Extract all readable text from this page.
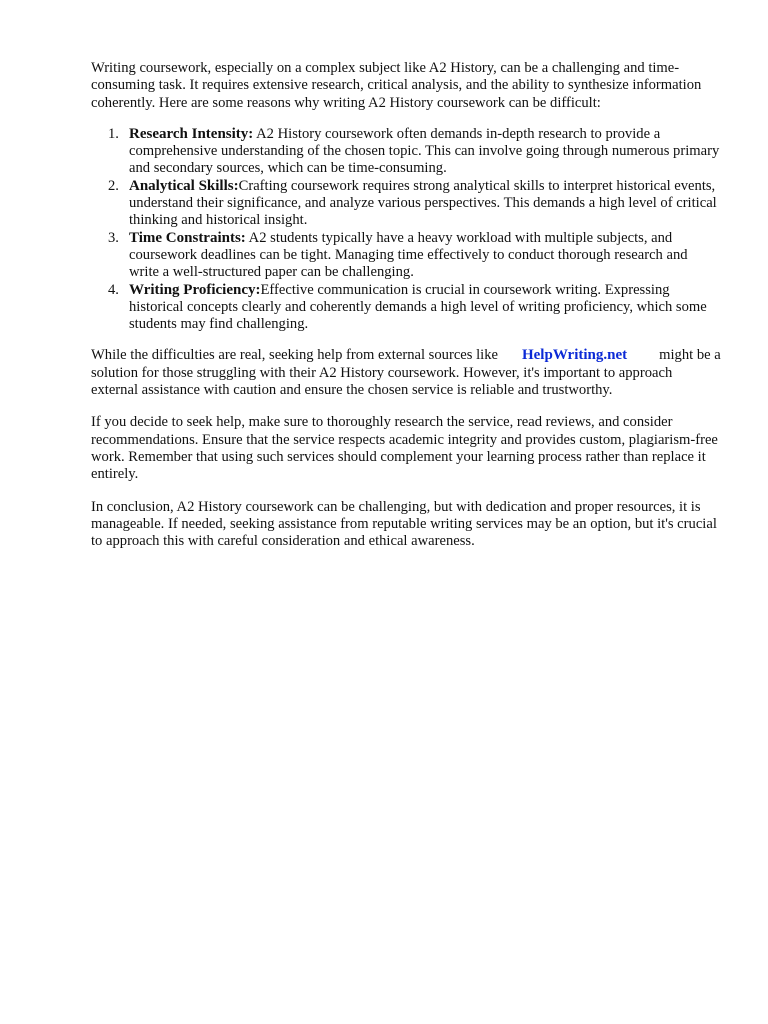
Writing coursework, especially on a complex subject like A2 History, can be a challenging and time-consuming task. It requires extensive research, critical analysis, and the ability to synthesize information coherently. Here are some reasons why writing A2 History coursework can be difficult:

1. Research Intensity: A2 History coursework often demands in-depth research to provide a comprehensive understanding of the chosen topic. This can involve going through numerous primary and secondary sources, which can be time-consuming.
2. Analytical Skills:Crafting coursework requires strong analytical skills to interpret historical events, understand their significance, and analyze various perspectives. This demands a high level of critical thinking and historical insight.
3. Time Constraints: A2 students typically have a heavy workload with multiple subjects, and coursework deadlines can be tight. Managing time effectively to conduct thorough research and write a well-structured paper can be challenging.
4. Writing Proficiency:Effective communication is crucial in coursework writing. Expressing historical concepts clearly and coherently demands a high level of writing proficiency, which some students may find challenging.

While the difficulties are real, seeking help from external sources like HelpWriting.net might be a solution for those struggling with their A2 History coursework. However, it's important to approach external assistance with caution and ensure the chosen service is reliable and trustworthy.

If you decide to seek help, make sure to thoroughly research the service, read reviews, and consider recommendations. Ensure that the service respects academic integrity and provides custom, plagiarism-free work. Remember that using such services should complement your learning process rather than replace it entirely.

In conclusion, A2 History coursework can be challenging, but with dedication and proper resources, it is manageable. If needed, seeking assistance from reputable writing services may be an option, but it's crucial to approach this with careful consideration and ethical awareness.
